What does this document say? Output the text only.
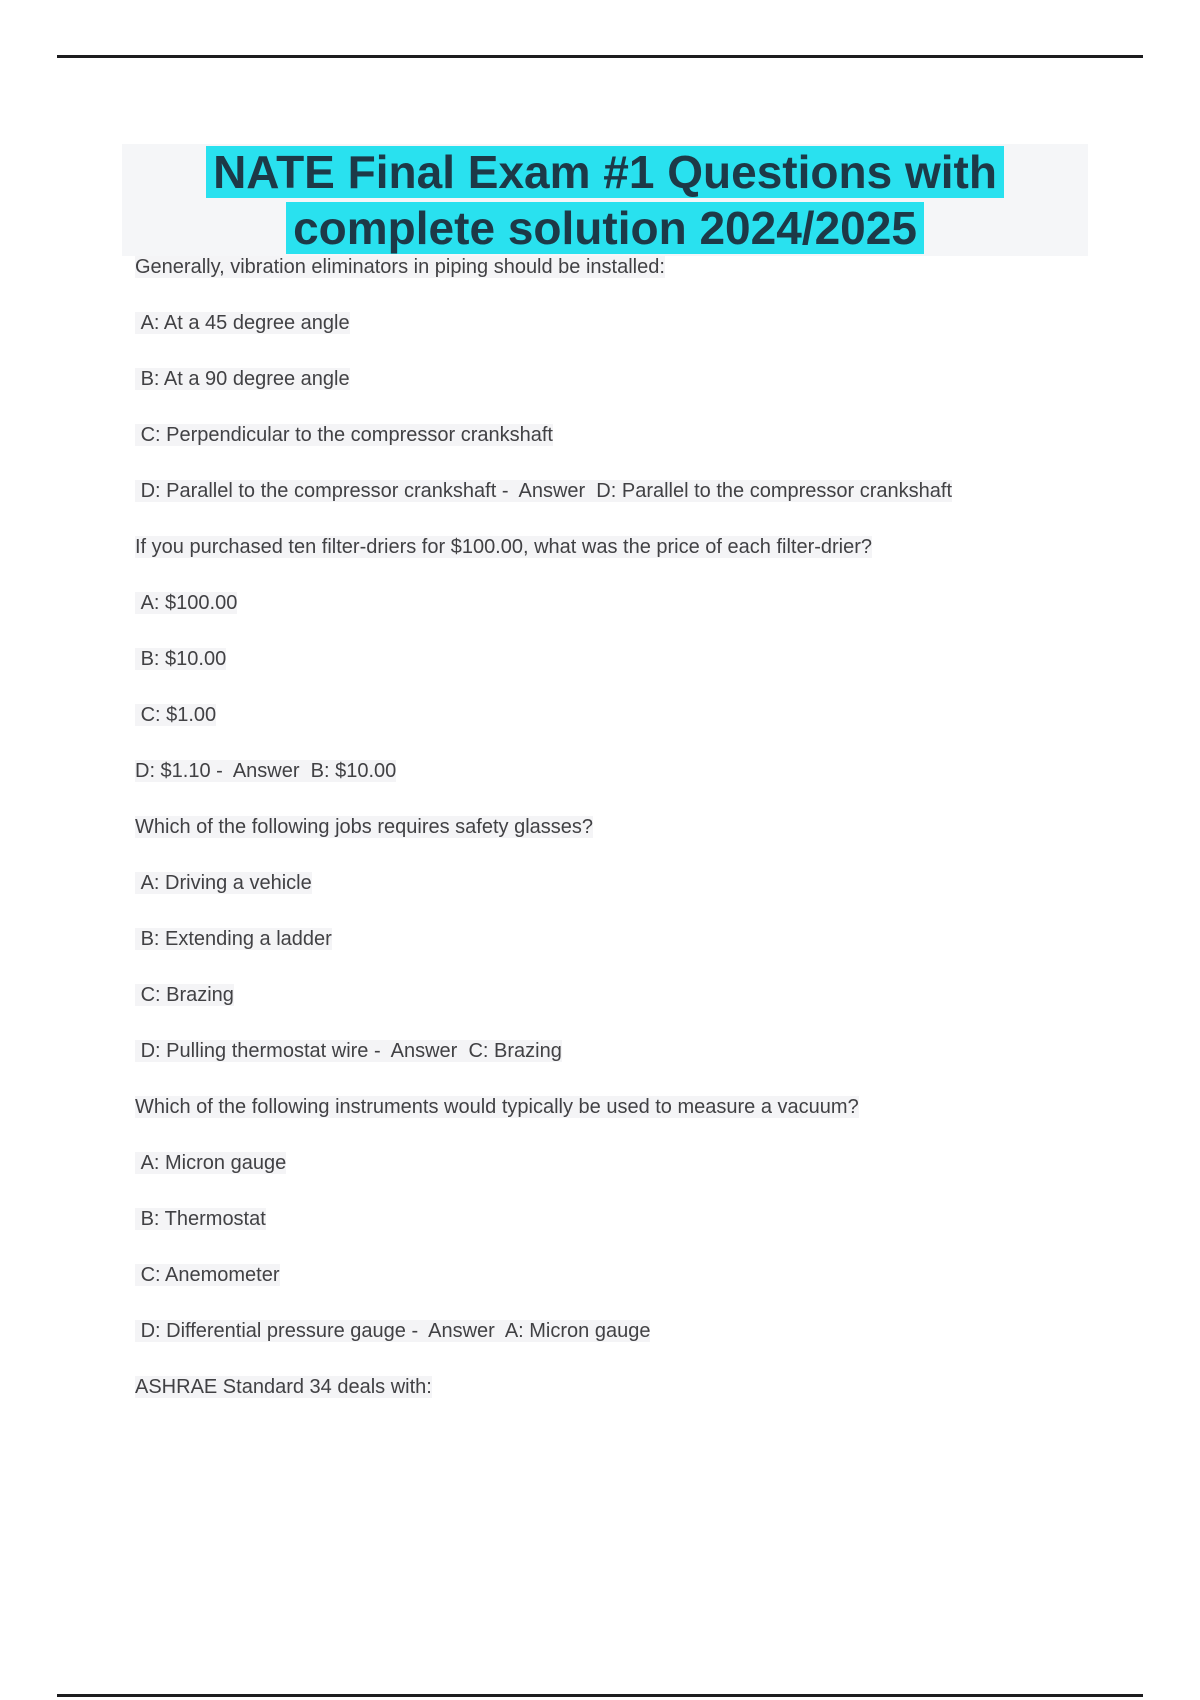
NATE Final Exam #1 Questions with
complete solution 2024/2025

Generally, vibration eliminators in piping should be installed:

A: At a 45 degree angle

B: At a 90 degree angle

C: Perpendicular to the compressor crankshaft

D: Parallel to the compressor crankshaft -  Answer  D: Parallel to the compressor crankshaft

If you purchased ten filter-driers for $100.00, what was the price of each filter-drier?

A: $100.00

B: $10.00

C: $1.00

D: $1.10 -  Answer  B: $10.00

Which of the following jobs requires safety glasses?

A: Driving a vehicle

B: Extending a ladder

C: Brazing

D: Pulling thermostat wire -  Answer  C: Brazing

Which of the following instruments would typically be used to measure a vacuum?

A: Micron gauge

B: Thermostat

C: Anemometer

D: Differential pressure gauge -  Answer  A: Micron gauge

ASHRAE Standard 34 deals with:
